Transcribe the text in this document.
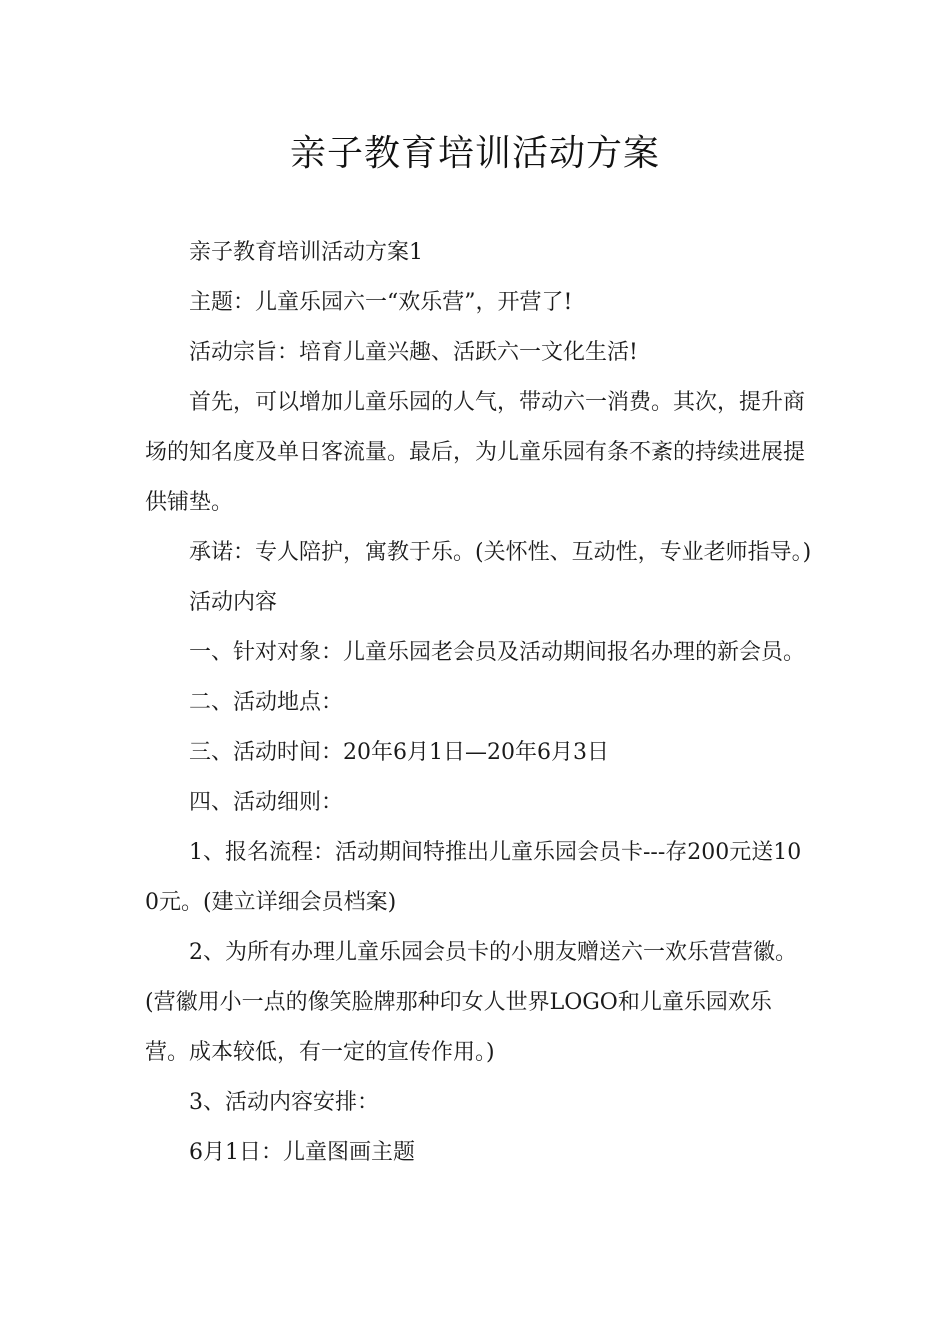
亲子教育培训活动方案

亲子教育培训活动方案1

主题：儿童乐园六一“欢乐营”，开营了!

活动宗旨：培育儿童兴趣、活跃六一文化生活!

首先，可以增加儿童乐园的人气，带动六一消费。其次，提升商场的知名度及单日客流量。最后，为儿童乐园有条不紊的持续进展提供铺垫。

承诺：专人陪护，寓教于乐。(关怀性、互动性，专业老师指导。)

活动内容

一、针对对象：儿童乐园老会员及活动期间报名办理的新会员。

二、活动地点：

三、活动时间：20年6月1日—20年6月3日

四、活动细则：

1、报名流程：活动期间特推出儿童乐园会员卡---存200元送100元。(建立详细会员档案)

2、为所有办理儿童乐园会员卡的小朋友赠送六一欢乐营营徽。(营徽用小一点的像笑脸牌那种印女人世界LOGO和儿童乐园欢乐营。成本较低，有一定的宣传作用。)

3、活动内容安排：

6月1日：儿童图画主题
